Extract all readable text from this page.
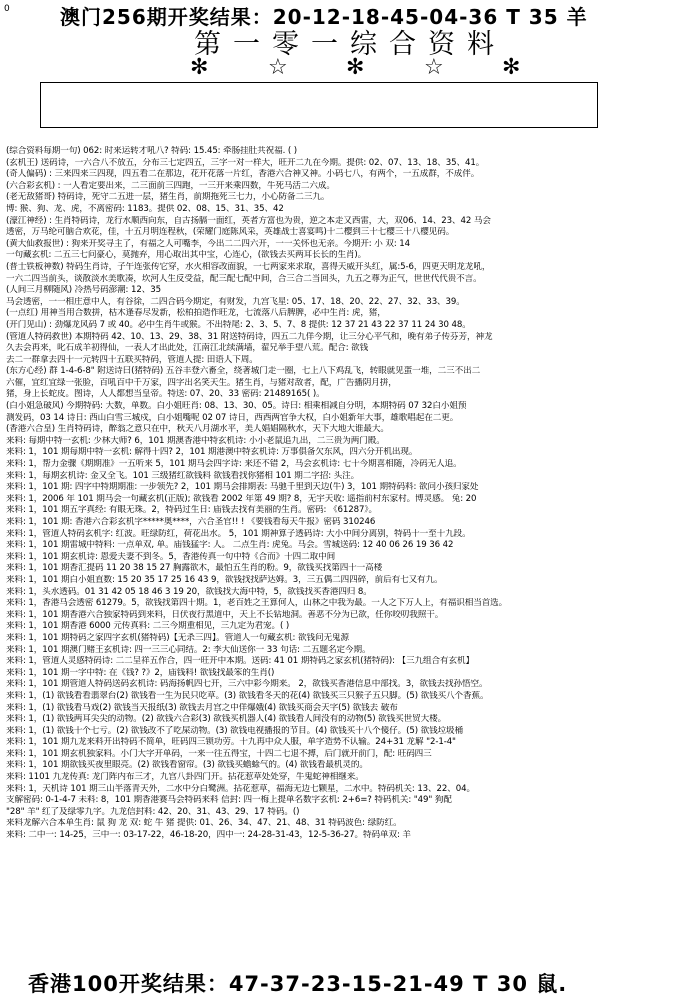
0	澳门256期开奖结果：20-12-18-45-04-36 T 35 羊
第一零一综合资料
✻	☆	✻	☆	✻
(综合资料每期一句) 062: 时来运转才吼八? 特码: 15.45: 牵肠挂肚共祝福. ( )
(玄机王) 送码诗，一六合八不放五，分布三七定四五，三字一对一样大，旺开二九在今期。提供: 02、07、13、18、35、41。
(奇人偏码) : 三来四来三四现，四五看二在那边，花开花落一片红，香港六合神又神。小码七八，有两个，一五成群，不成伴。
(六合彩玄机) : 一人看定要出来，二三面前三四跑，一三开来乘四数，牛死马活二六成。
(老无敌猪哥) 特码诗，死守二五进一层，猪生肖，前期拖死三七力，小心防备二三九。
博: 猴、狗、龙、虎，不离密码: 1183。提供 02、08、15、31、35、42
(濠江神经) : 生肖特码诗，龙行水顺西向东，自古扬膈一面红，英者方富也为贵，逆之本走又西雷，大，双06、14、23、42 马会
透密，万马纶可脑合欢花，佳，十五月明连程秋，(荣耀门庭陈风采，英雄战士喜宴鸣)十二樱到三十七樱三十八樱见码。
(黄大仙救报世) : 狗来开奖寻主了，有福之人可嘴李，今出二二四六开，一一关怀也无亲。今期开: 小 双: 14
一句藏玄机: 二五三七问豪心，莫抛弃，用心取出其中宝，心连心，(欲钱去买两耳长长的生肖)。
(普士铁板神数) 特码生肖诗，子午连张传它穿，水火相容改面貌，一七两家来求取，喜得天威开头红，属:5-6，四更天明龙龙吼，
一六二四当前头，谈散淡水美歌凑，坎河人生反受益，配三配七配中间，合三合二当回头，九五之尊为正气，世世代代贵不言。
(人间三月柳随风) 冷热号码澎潮: 12、35
马会透密，一一相庄意中人，有谷徐，二四合码今期定，有财发，九宫飞星: 05、17、18、20、22、27、32、33、39。
(一点红) 用神当用合数拼，枯木逢春尽发新，松柏拍造作旺龙，七流落八后脾脾，必中生肖: 虎，猪，
(开门见山) : 劲爆龙风码 7 或 40。必中生肖牛或猴。不出特尾: 2、3、5、7、8 提供: 12 37 21 43 22 37 11 24 30 48。
(管道人特码救世) 本期特码 42、10、13、29、38、31 附送特码诗，四五二九佯今期，让三分心平气和，晚有弟子传芬芳，神龙
久去会再来，叱石成羊初得仙，一表人才出此处，江南江北续满墙，翟兄举手望八荒。配合: 欲钱
去二一群拿去四十一元转四十五联买特码，管道人提: 田语人下周。
(东方心经) 群 1-4-6-8" 附送诗曰(猪特码) 五谷丰登六畜全，绕著城门走一圈，七上八下鸡乱飞，转眼就见蛋一堆，二三不出二
六催，宜红宜绿一张脸，百吼百中千万家，四字出名笑天生。猪生肖，与猪对敌者，配，广告播阴月拼，
猪，身上长蛇皮。图诗，人人都想当皇帝。特送: 07、20、33 密码: 21489165( )。
(白小姐急破风) 今期特码: 大数，单数。白小姐旺肖: 08、13、30、05。诗曰: 相乘相减自分明，本期特码 07 32白小姐预
测发码，03 14 诗日: 西山白雪三城戍，白小姐嘴呢 02 07 诗日，西西两官争大权，白小姐新年大事，雄歌唱起在二更。
(香港六合皇) 生肖特码诗，醉翁之意只在中，秋天八月湖水平，美人娼娼隔秋水，天下大地大谁最大。
来料: 每期中特一玄机: 少林大师? 6，101 期澳香港中特玄机诗: 小小老鼠追九出，二三贵为两门殿。
来料: 1，101 期每期中特一玄机: 解得十四? 2，101 期港澳中特玄机诗: 万事俱备欠东风，四六分开机出现。
来料: 1，帮力金骤《期期准》一五听来 5，101 期马会四字诗: 来还不错 2，马会玄机诗: 七十今期喜相随，冷码无人追。
来料: 1，每期玄机诗: 金又全飞。101 三级猪红欲钱料 欲钱看找你猪相 101 期二字招: 头注。
来料: 1，101 期: 四字中特期期准: 一步领先? 2，101 期马会排期表: 马驰千里到天边(牛) 3，101 期特码料: 欲问小孩归家处
来料: 1，2006 年 101 期马会一句藏玄机(正版); 欲钱看 2002 年第 49 期? 8，无宇天收: 遥指前村东家村。博灵感。 兔: 20
来料: 1，101 期五字真经: 有眼无珠。2，特码过生日: 庙钱去找有美丽的生肖。密码: 《61287》。
来料: 1，101 期: 香港六合彩玄机字*****奥****，六合圣官!! ! 《要钱看每天牛报》密码 310246
来料: 1，管道人特码玄机字: 红波。旺绿防红，荷花出水。 5，101 期神算子透码诗: 大小中间分离别，特码十一至十九段。
来料: 1，101 期雷城中特料: 一点单双, 单。庙钱猛字: 人。 二点生肖: 虎兔。马会。雪城送码: 12 40 06 26 19 36 42
来料: 1，101 期玄机诗: 恩爱夫妻不到冬。5，香港传真一句中特《合而》十四二取中间
来料: 1，101 期香汇提码 11 20 38 15 27 胸露欲木，最怕五生肖的粉。9，欲钱买找第四十一高楼
来料: 1，101 期白小姐直数: 15 20 35 17 25 16 43 9，欲钱找找萨达姆。3，三五偶二四四碎，前后有七又有九。
来料: 1，头水透码。01 31 42 05 18 46 3 19 20，欲钱找大海中特，5，欲钱找买香港四归 8。
来料: 1，香港马会透密 61279。5，欲钱找第四十期。1，老百姓之王算何人，山林之中我为最。一人之下万人上，有福识相当首选。
来料: 1，101 期香港六合独家特码到来料，日伏夜行黑道中，天上不长钻地洞。善恶不分为已欲，任你咬叨我照干。
来料: 1，101 期香港 6000 元传真料: 二三今期重相见，三九定为君宠。( )
来料: 1，101 期特码之家四字玄机(猪特码)【无杀三四】。管道人一句藏玄机: 欲钱问无鬼源
来料: 1，101 期澳门赌王玄机诗: 四一三三心同结。2: 李大仙送你一 33 句话: 二五题名定今期。
来料: 1，管道人灵感特码诗: 二二呈祥五作合，四一旺开中本期。送码: 41 01 期特码之家玄机(猪特码): 【三九组合有玄机】
来料: 1，101 期一字中特: 在《钱? ?》2，庙钱料! 欲钱找最笨的生肖()
来料: 1，101 期管道人特码送码玄机诗: 码海扬帆四七开，三六中彩今期来。 2，欲钱买香港信息中部找。3，欲钱去找孙悟空。
来料: 1，(1) 欲钱看看翡翠台(2) 欲钱看一生为民只吃草。(3) 欲钱看冬天的花(4) 欲钱买三只猴子五只脚。(5) 欲钱买八个香蕉。
来料: 1，(1) 欲钱看马戏(2) 欲钱当天报纸(3) 欲钱去月宫之中佯爆娥(4) 欲钱买商会天字(5) 欲钱去 破布
来料: 1，(1) 欲钱两耳尖尖的动物。(2) 欲钱六合彩(3) 欲钱买机器人(4) 欲钱看人间没有的动物(5) 欲钱买世贸大楼。
来料: 1，(1) 欲钱十个七亏。(2) 欲钱改不了吃屎动物。(3) 欲钱电视播报的节目。(4) 欲钱买十八个傻仔。(5) 欲钱垃圾桶
来料: 1，101 期九龙来料开出特码不简单，旺码四三锁功劳。十九再中众人服，单字造势不认输。24+31 龙解 "2-1-4"
来料: 1，101 期玄机独家料。小门大字开单码，一来一往五得宝，十四二七退不搏，后门就开前门，配: 旺码四三
来料: 1，101 期欲钱买夜里眼亮。(2) 欲钱看窗帘。(3) 欲钱买蟾蜍气的。(4) 欲钱看最机灵的。
来料: 1101 九龙传真: 龙门阵内布三才，九宫八卦四门开。拈花惹草处处穿，牛鬼蛇神相继来。
来料: 1，天机诗 101 期三山半落青天外，二水中分白鹭洲。拈花惹草，福海无边七颗星，二水中。特码机关: 13、22、04。
支解密码: 0-1-4-7 未料: 8，101 期香港赛马会特码来料 信封: 四一梅上提单名数字玄机: 2+6=? 特码机关: "49" 狗配
"28" 羊" 红了及绿零九字。九龙信封料: 42、20、31、43、29、17 特码。()
来料龙解六合本单生肖: 鼠 狗 龙 双: 蛇 牛 猪 提供: 01、26、34、47、21、48、31 特码波色: 绿防红。
来料: 二中一: 14-25，三中一: 03-17-22，46-18-20，四中一: 24-28-31-43，12-5-36-27。特码单双: 羊
香港100开奖结果：47-37-23-15-21-49 T 30 鼠.
